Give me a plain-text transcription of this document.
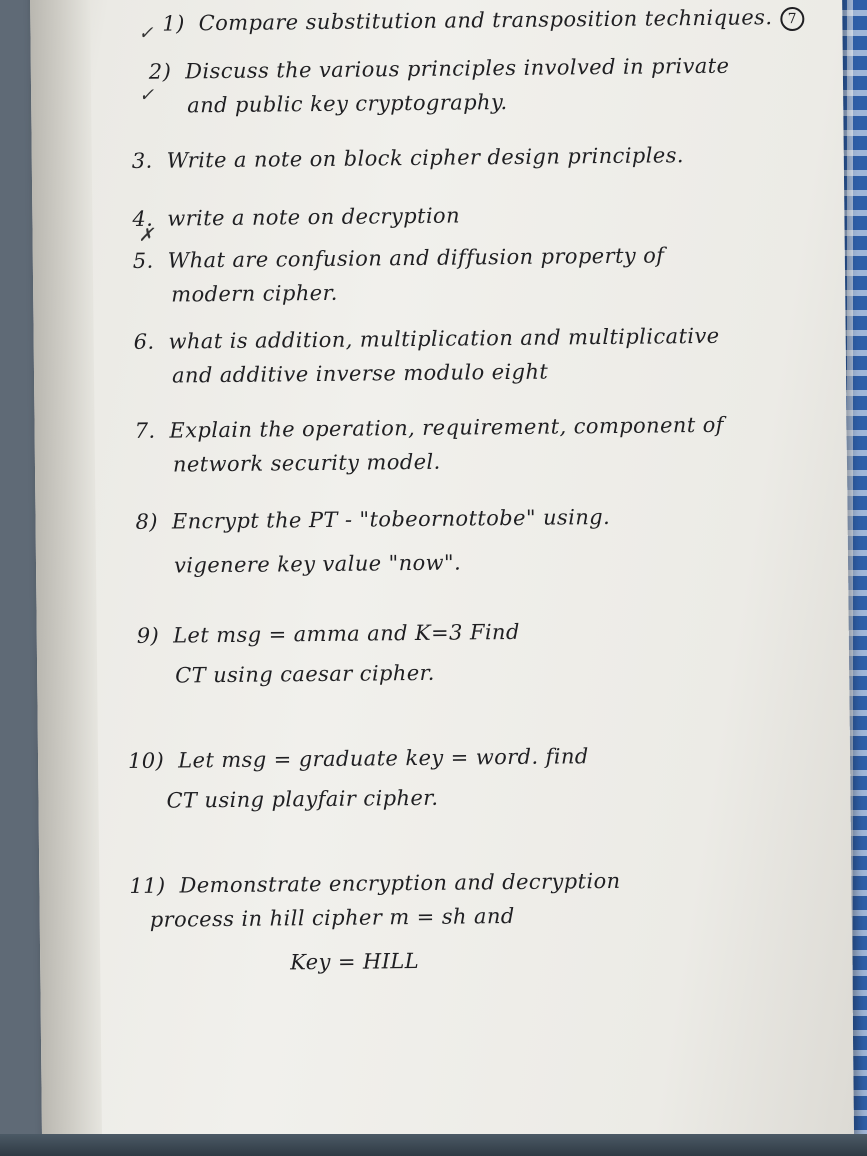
✓
✓
✗
1) Compare substitution and transposition techniques. 7
2) Discuss the various principles involved in private
and public key cryptography.
3. Write a note on block cipher design principles.
4. write a note on decryption
5. What are confusion and diffusion property of
modern cipher.
6. what is addition, multiplication and multiplicative
and additive inverse modulo eight
7. Explain the operation, requirement, component of
network security model.
8) Encrypt the PT - "tobeornottobe" using.
vigenere key value "now".
9) Let msg = amma and K=3 Find
CT using caesar cipher.
10) Let msg = graduate key = word. find
CT using playfair cipher.
11) Demonstrate encryption and decryption
process in hill cipher m = sh and
Key = HILL
